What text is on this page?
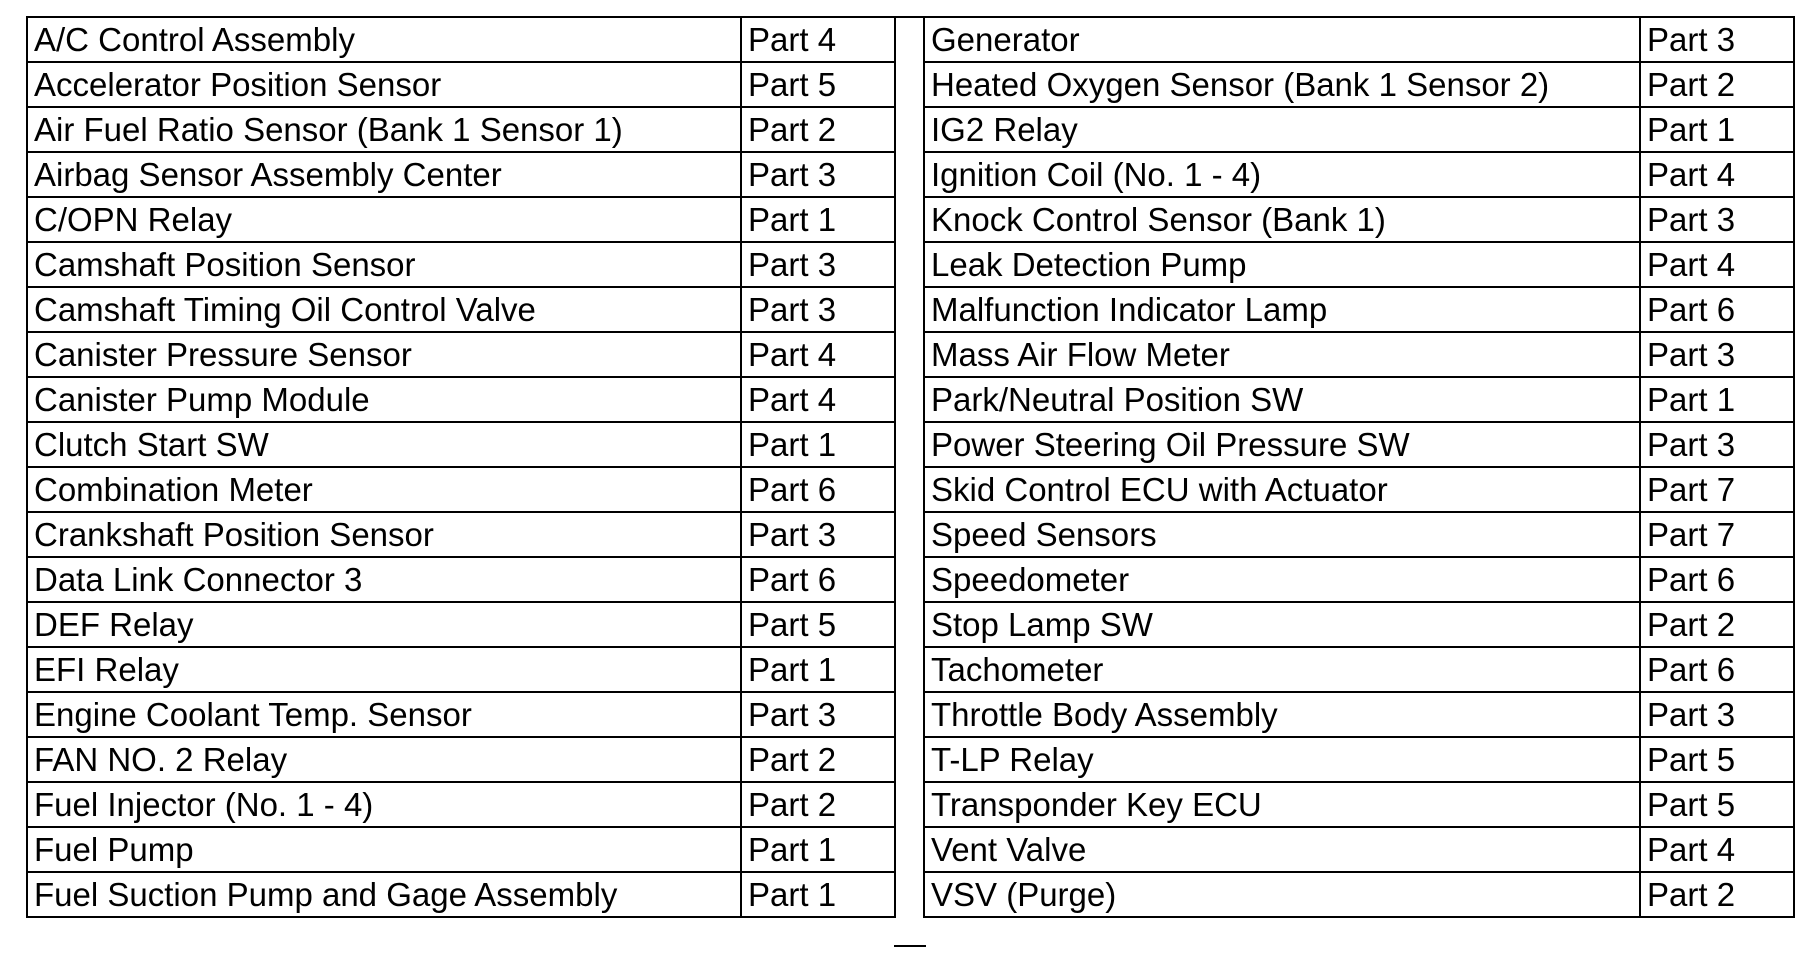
A/C Control Assembly	Part 4
Accelerator Position Sensor	Part 5
Air Fuel Ratio Sensor (Bank 1 Sensor 1)	Part 2
Airbag Sensor Assembly Center	Part 3
C/OPN Relay	Part 1
Camshaft Position Sensor	Part 3
Camshaft Timing Oil Control Valve	Part 3
Canister Pressure Sensor	Part 4
Canister Pump Module	Part 4
Clutch Start SW	Part 1
Combination Meter	Part 6
Crankshaft Position Sensor	Part 3
Data Link Connector 3	Part 6
DEF Relay	Part 5
EFI Relay	Part 1
Engine Coolant Temp. Sensor	Part 3
FAN NO. 2 Relay	Part 2
Fuel Injector (No. 1 - 4)	Part 2
Fuel Pump	Part 1
Fuel Suction Pump and Gage Assembly	Part 1
Generator	Part 3
Heated Oxygen Sensor (Bank 1 Sensor 2)	Part 2
IG2 Relay	Part 1
Ignition Coil (No. 1 - 4)	Part 4
Knock Control Sensor (Bank 1)	Part 3
Leak Detection Pump	Part 4
Malfunction Indicator Lamp	Part 6
Mass Air Flow Meter	Part 3
Park/Neutral Position SW	Part 1
Power Steering Oil Pressure SW	Part 3
Skid Control ECU with Actuator	Part 7
Speed Sensors	Part 7
Speedometer	Part 6
Stop Lamp SW	Part 2
Tachometer	Part 6
Throttle Body Assembly	Part 3
T-LP Relay	Part 5
Transponder Key ECU	Part 5
Vent Valve	Part 4
VSV (Purge)	Part 2
